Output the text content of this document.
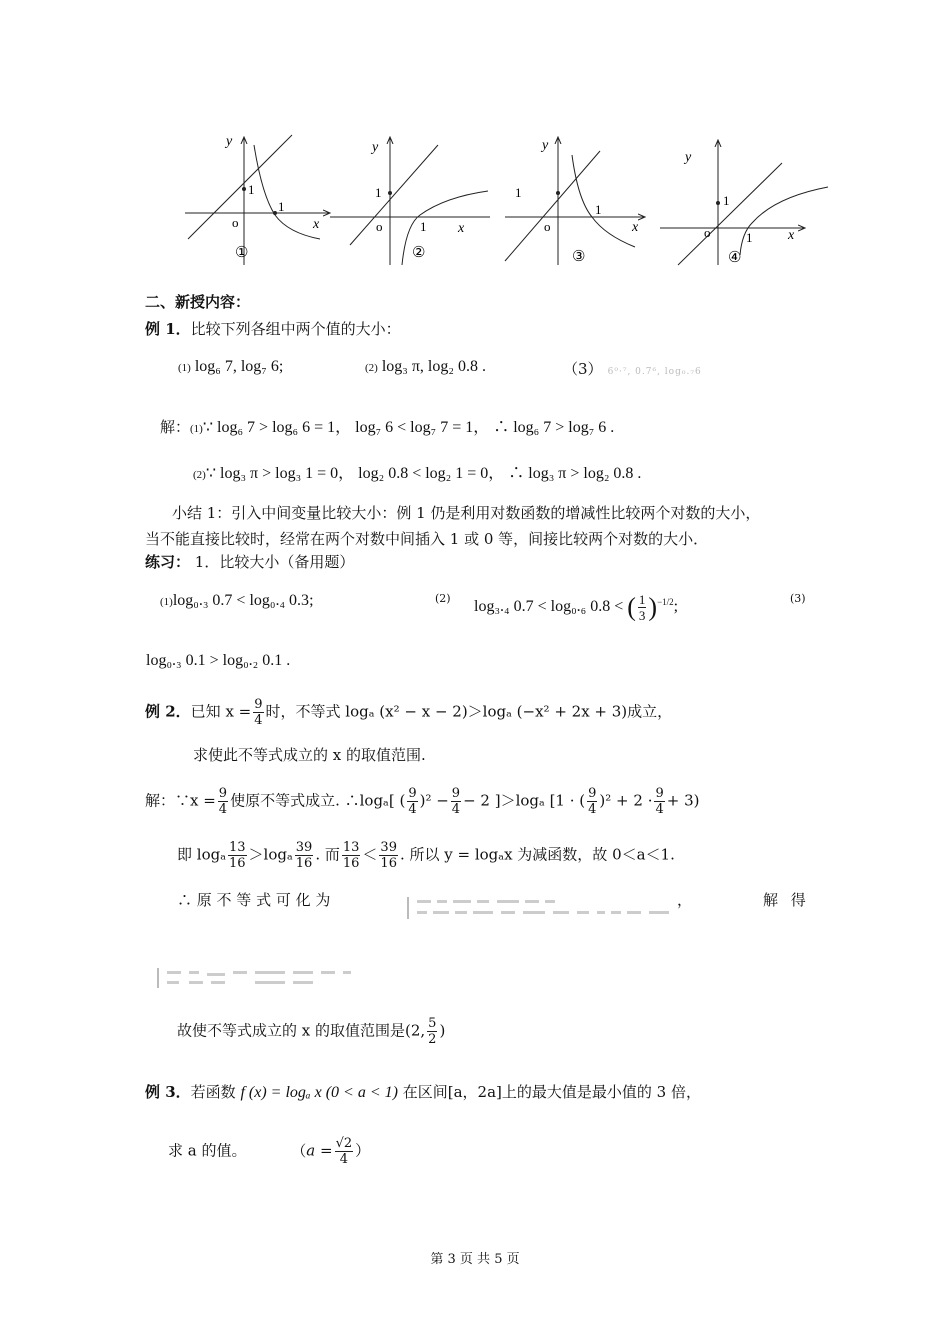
y
x
o
1
1
①
y
x
o
1
1
②
y
x
o
1
1
③
y
x
o
1
1
④
二、新授内容：
例 1．比较下列各组中两个值的大小：
(1) log₆ 7, log₇ 6;	(2) log₃ π, log₂ 0.8 .	（3） 6⁰·⁷, 0.7⁶, log₀.₇6
解：(1)∵ log₆ 7 > log₆ 6 = 1， log₇ 6 < log₇ 7 = 1， ∴ log₆ 7 > log₇ 6 .
(2)∵ log₃ π > log₃ 1 = 0， log₂ 0.8 < log₂ 1 = 0， ∴ log₃ π > log₂ 0.8 .
小结 1：引入中间变量比较大小：例 1 仍是利用对数函数的增减性比较两个对数的大小，
当不能直接比较时，经常在两个对数中间插入 1 或 0 等，间接比较两个对数的大小．
练习： 1．比较大小（备用题）
(1)log₀.₃ 0.7 < log₀.₄ 0.3;	(2) log₃.₄ 0.7 < log₀.₆ 0.8 < ( $\frac{1}{3} )^{-1/2}$;	(3)
log₀.₃ 0.1 > log₀.₂ 0.1 .
例 2．已知 $x = \frac{9}{4}$ 时，不等式 logₐ (x² − x − 2)＞logₐ (−x² + 2x + 3)成立，
求使此不等式成立的 x 的取值范围.
解：∵x = $\frac{9}{4}$ 使原不等式成立. ∴logₐ[ ( $\frac{9}{4} )^2 - \frac{9}{4} - 2$ ]＞logₐ [1 · ( $\frac{9}{4} )^2 + 2 \cdot \frac{9}{4} + 3$)
即 logₐ $\frac{13}{16} >\log_a \frac{39}{16}$ . 而 $\frac{13}{16} < \frac{39}{16}$ . 所以 y = logₐx 为减函数，故 0＜a＜1.
∴ 原 不 等 式 可 化 为	，	解 得
故使不等式成立的 x 的取值范围是(2, $\frac{5}{2}$ )
例 3．若函数 f (x) = logₐ x (0 < a < 1) 在区间[a，2a]上的最大值是最小值的 3 倍，
求 a 的值。	（$a = \frac{√2}{4}$ ）
第 3 页 共 5 页
